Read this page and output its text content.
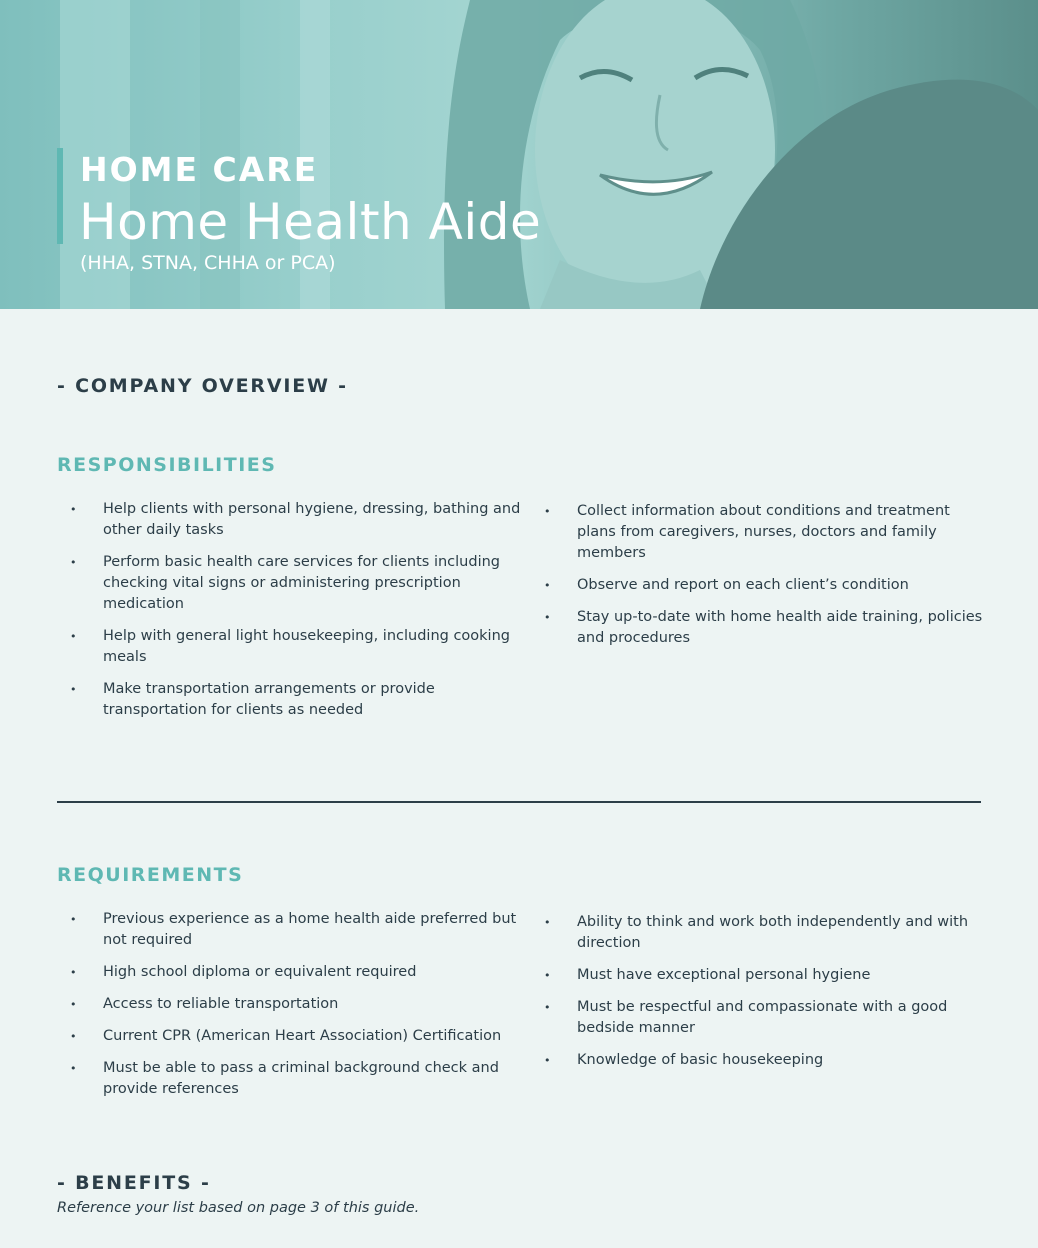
HOME CARE
Home Health Aide
(HHA, STNA, CHHA or PCA)
- COMPANY OVERVIEW -
RESPONSIBILITIES
• Help clients with personal hygiene, dressing, bathing and other daily tasks
• Perform basic health care services for clients including checking vital signs or administering prescription medication
• Help with general light housekeeping, including cooking meals
• Make transportation arrangements or provide transportation for clients as needed
• Collect information about conditions and treatment plans from caregivers, nurses, doctors and family members
• Observe and report on each client’s condition
• Stay up-to-date with home health aide training, policies and procedures
REQUIREMENTS
• Previous experience as a home health aide preferred but not required
• High school diploma or equivalent required
• Access to reliable transportation
• Current CPR (American Heart Association) Certification
• Must be able to pass a criminal background check and provide references
• Ability to think and work both independently and with direction
• Must have exceptional personal hygiene
• Must be respectful and compassionate with a good bedside manner
• Knowledge of basic housekeeping
- BENEFITS -
Reference your list based on page 3 of this guide.
